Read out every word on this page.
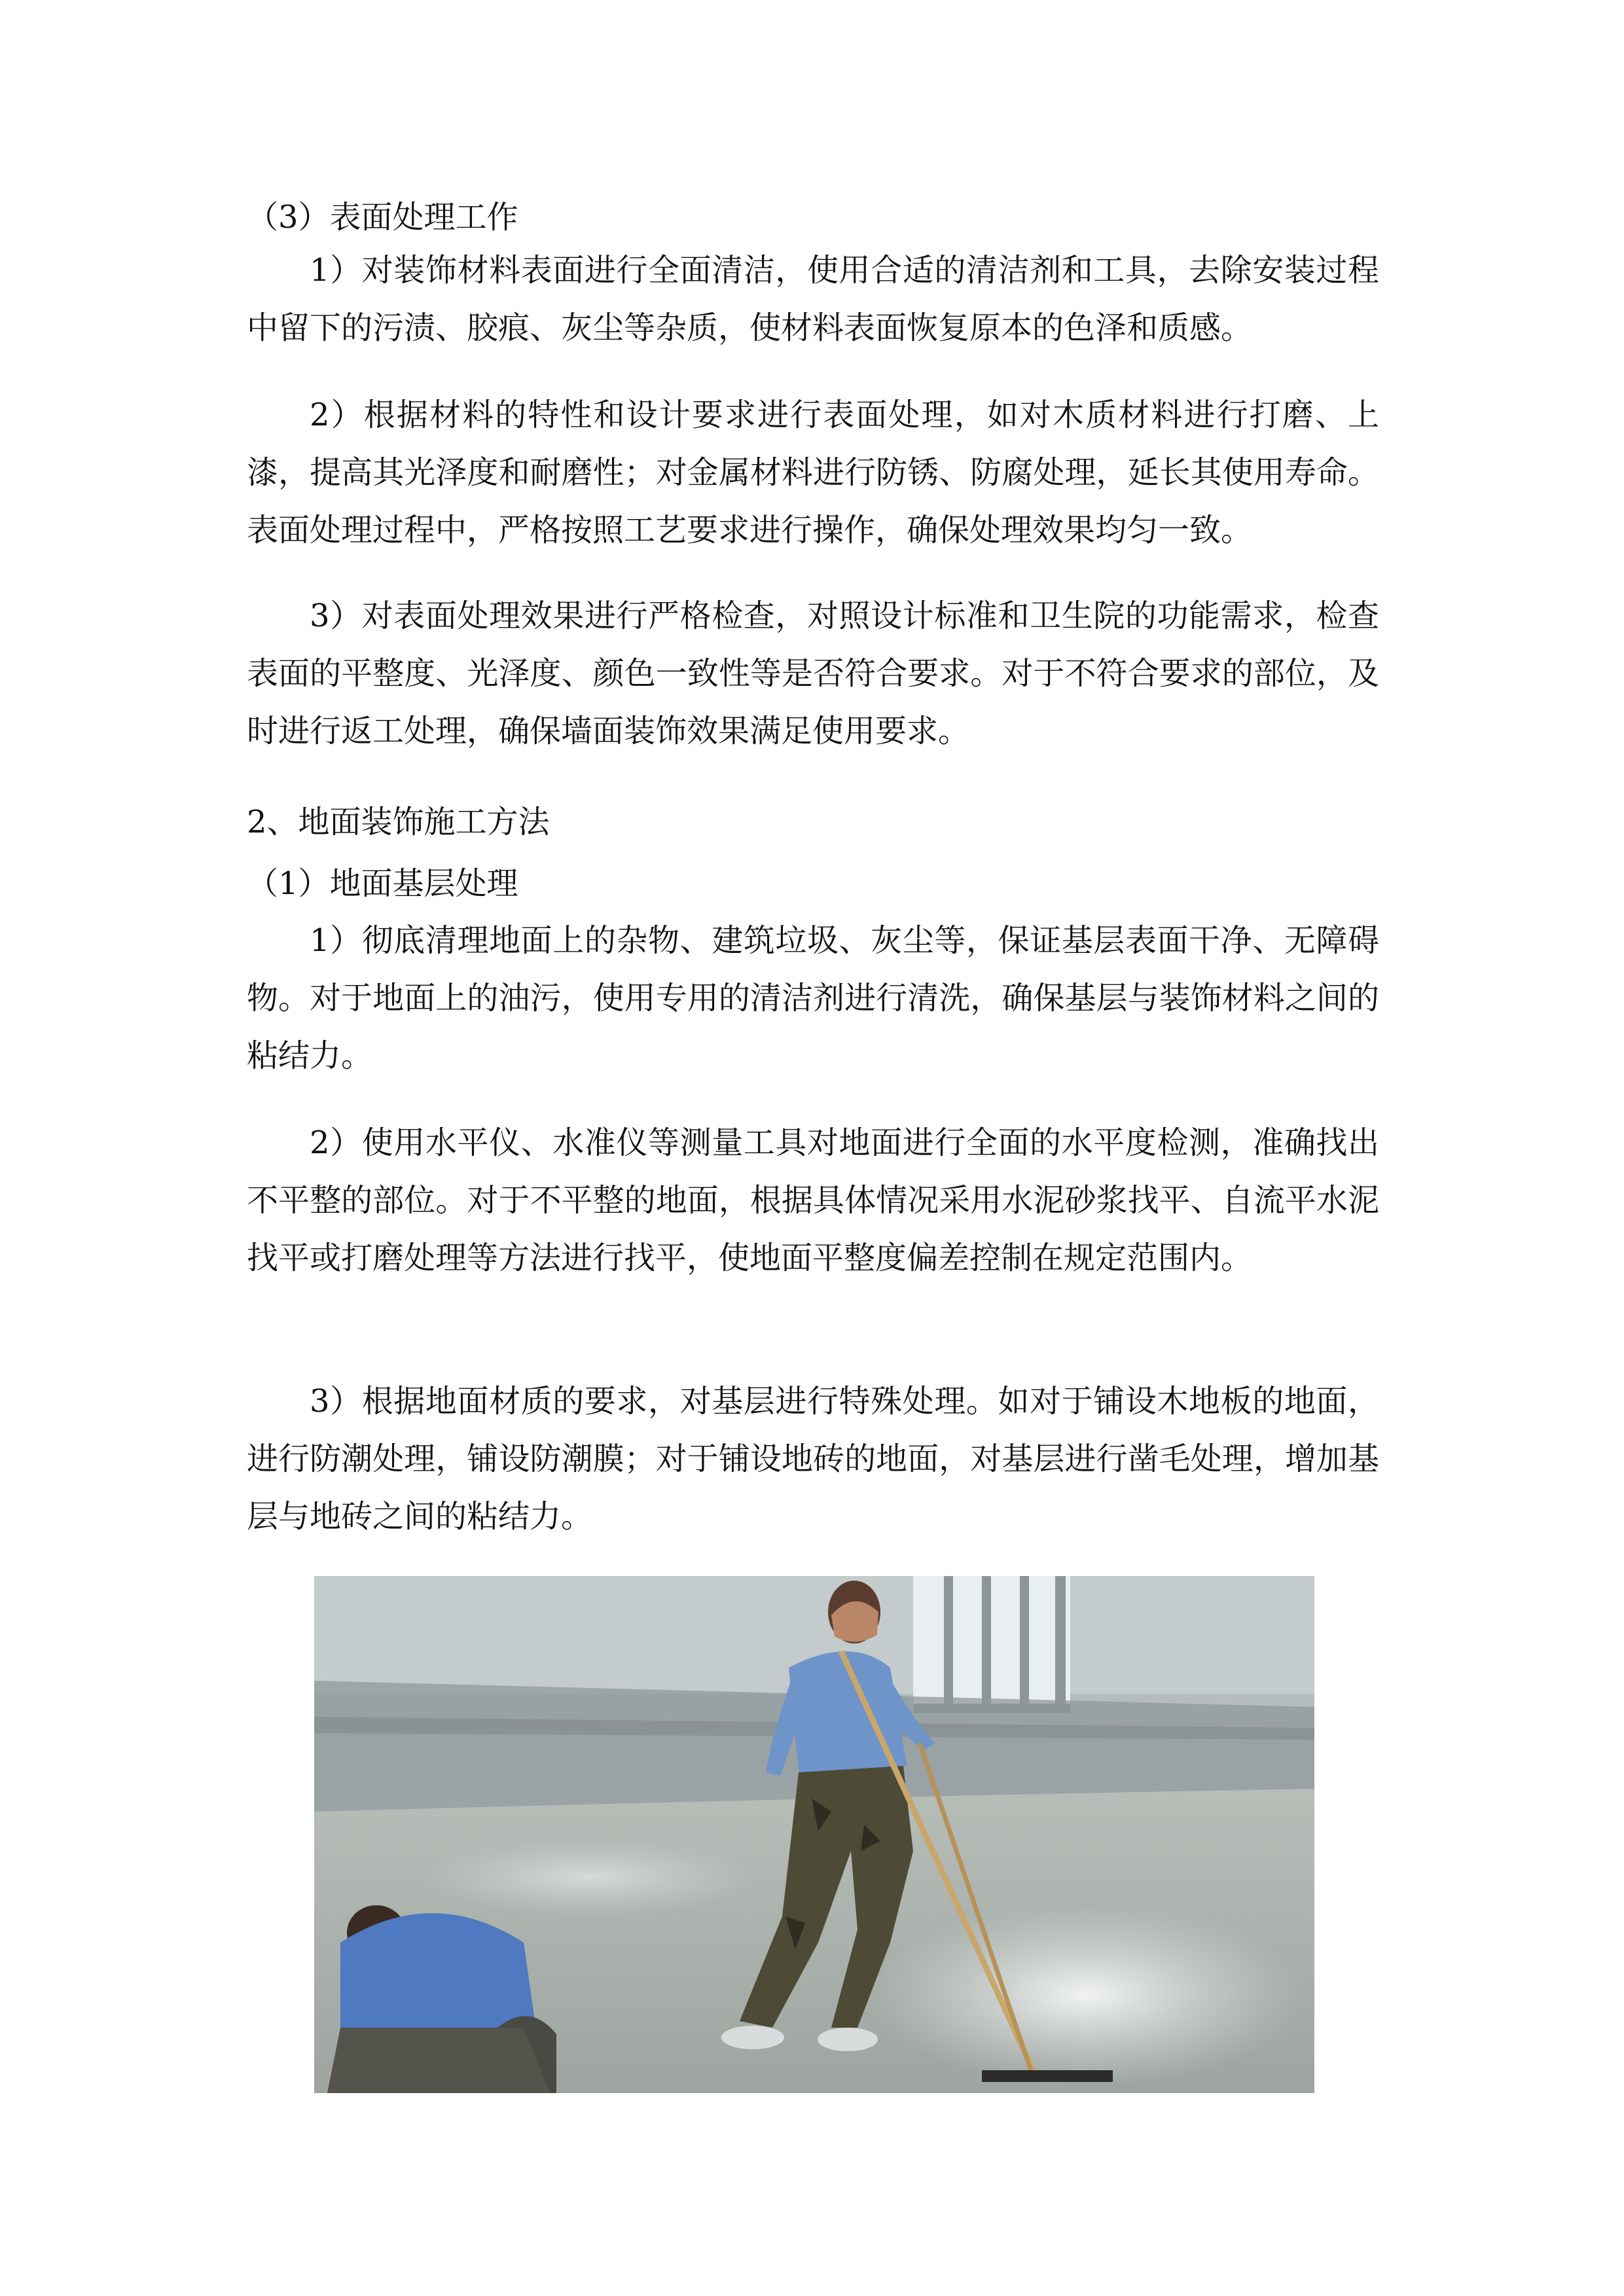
（3）表面处理工作

1）对装饰材料表面进行全面清洁，使用合适的清洁剂和工具，去除安装过程中留下的污渍、胶痕、灰尘等杂质，使材料表面恢复原本的色泽和质感。

2）根据材料的特性和设计要求进行表面处理，如对木质材料进行打磨、上漆，提高其光泽度和耐磨性；对金属材料进行防锈、防腐处理，延长其使用寿命。表面处理过程中，严格按照工艺要求进行操作，确保处理效果均匀一致。

3）对表面处理效果进行严格检查，对照设计标准和卫生院的功能需求，检查表面的平整度、光泽度、颜色一致性等是否符合要求。对于不符合要求的部位，及时进行返工处理，确保墙面装饰效果满足使用要求。

2、地面装饰施工方法
（1）地面基层处理

1）彻底清理地面上的杂物、建筑垃圾、灰尘等，保证基层表面干净、无障碍物。对于地面上的油污，使用专用的清洁剂进行清洗，确保基层与装饰材料之间的粘结力。

2）使用水平仪、水准仪等测量工具对地面进行全面的水平度检测，准确找出不平整的部位。对于不平整的地面，根据具体情况采用水泥砂浆找平、自流平水泥找平或打磨处理等方法进行找平，使地面平整度偏差控制在规定范围内。

3）根据地面材质的要求，对基层进行特殊处理。如对于铺设木地板的地面，进行防潮处理，铺设防潮膜；对于铺设地砖的地面，对基层进行凿毛处理，增加基层与地砖之间的粘结力。
